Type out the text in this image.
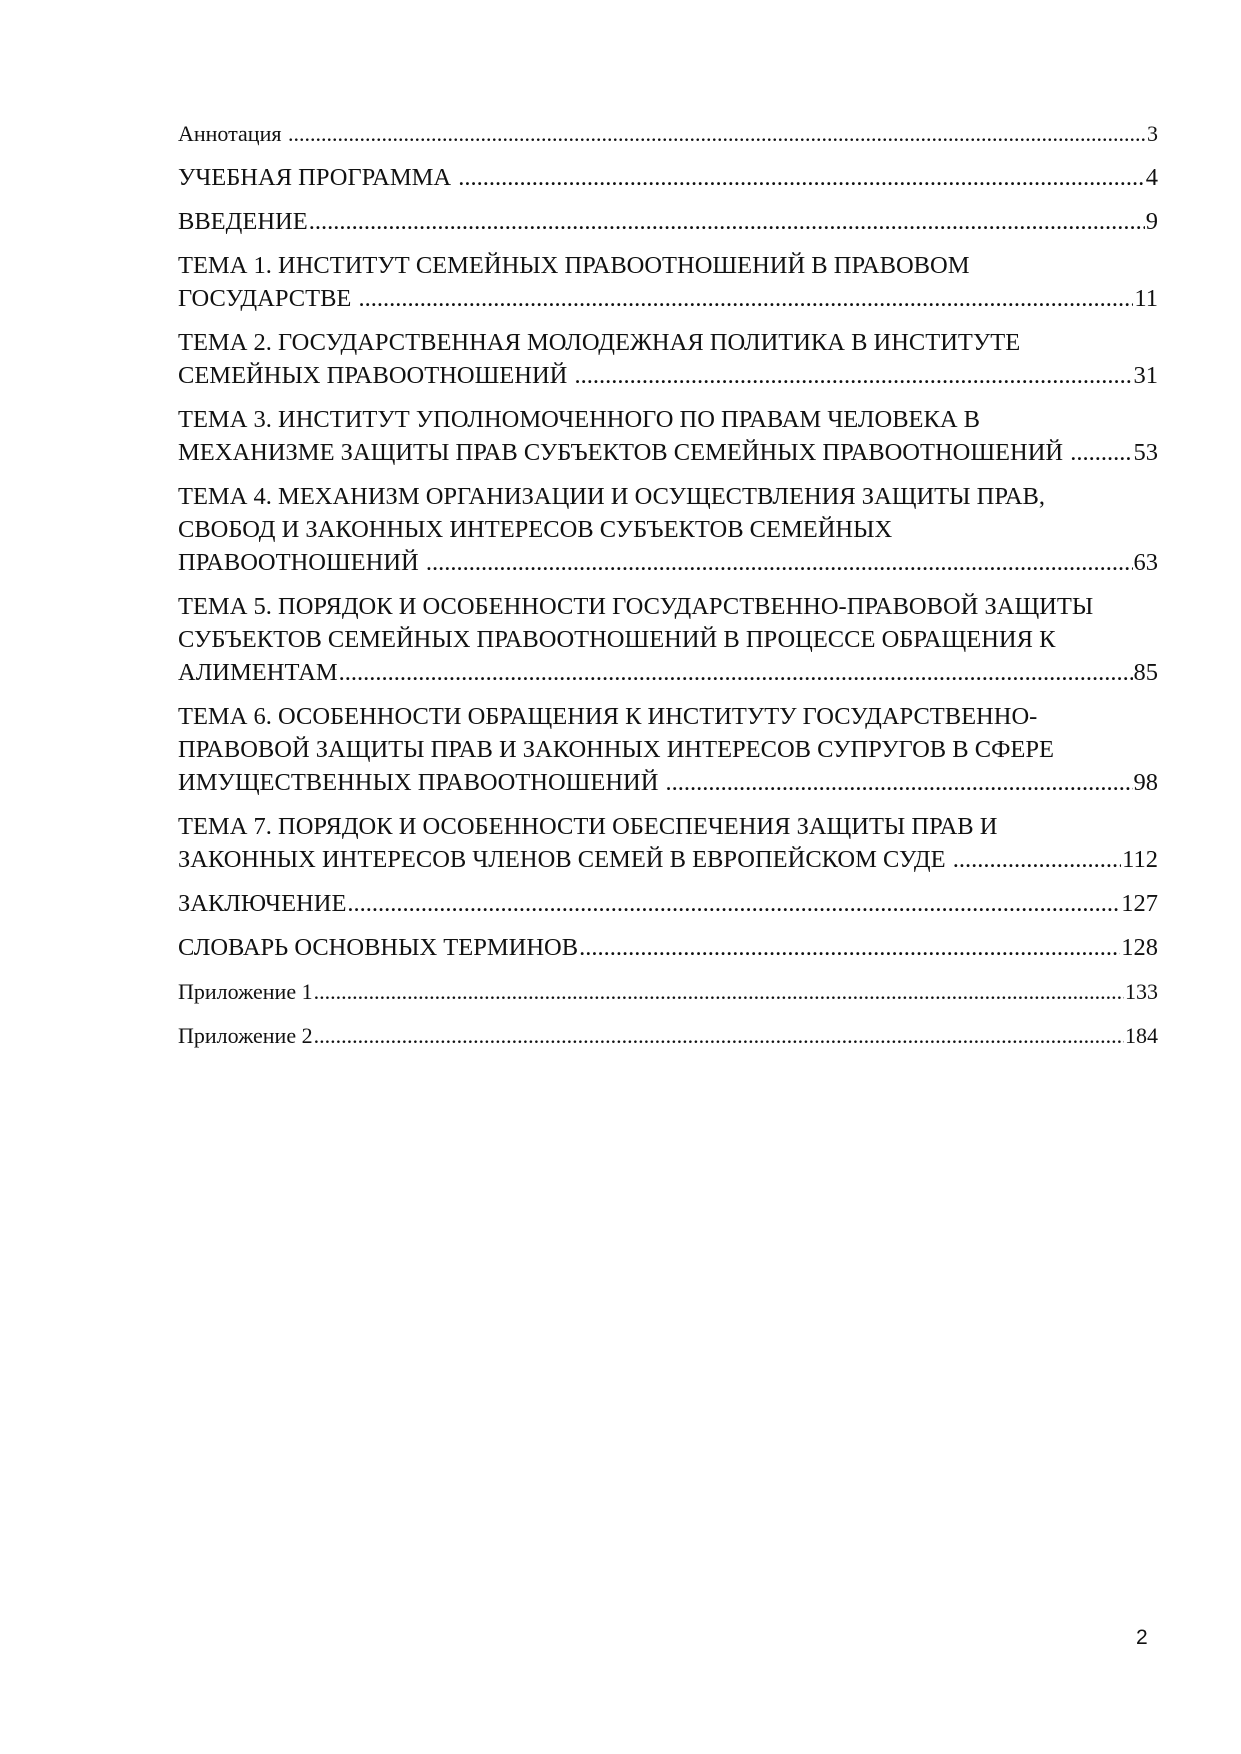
Аннотация .....	3
УЧЕБНАЯ ПРОГРАММА .....	4
ВВЕДЕНИЕ .....	9
ТЕМА 1. ИНСТИТУТ СЕМЕЙНЫХ ПРАВООТНОШЕНИЙ В ПРАВОВОМ
ГОСУДАРСТВЕ .....	11
ТЕМА 2. ГОСУДАРСТВЕННАЯ МОЛОДЕЖНАЯ ПОЛИТИКА В ИНСТИТУТЕ
СЕМЕЙНЫХ ПРАВООТНОШЕНИЙ .....	31
ТЕМА 3. ИНСТИТУТ УПОЛНОМОЧЕННОГО ПО ПРАВАМ ЧЕЛОВЕКА В
МЕХАНИЗМЕ ЗАЩИТЫ ПРАВ СУБЪЕКТОВ СЕМЕЙНЫХ ПРАВООТНОШЕНИЙ .....	53
ТЕМА 4. МЕХАНИЗМ ОРГАНИЗАЦИИ И ОСУЩЕСТВЛЕНИЯ ЗАЩИТЫ ПРАВ,
СВОБОД И ЗАКОННЫХ ИНТЕРЕСОВ СУБЪЕКТОВ СЕМЕЙНЫХ
ПРАВООТНОШЕНИЙ .....	63
ТЕМА 5. ПОРЯДОК И ОСОБЕННОСТИ ГОСУДАРСТВЕННО-ПРАВОВОЙ ЗАЩИТЫ
СУБЪЕКТОВ СЕМЕЙНЫХ ПРАВООТНОШЕНИЙ В ПРОЦЕССЕ ОБРАЩЕНИЯ К
АЛИМЕНТАМ .....	85
ТЕМА 6. ОСОБЕННОСТИ ОБРАЩЕНИЯ К ИНСТИТУТУ ГОСУДАРСТВЕННО-
ПРАВОВОЙ ЗАЩИТЫ ПРАВ И ЗАКОННЫХ ИНТЕРЕСОВ СУПРУГОВ В СФЕРЕ
ИМУЩЕСТВЕННЫХ ПРАВООТНОШЕНИЙ .....	98
ТЕМА 7. ПОРЯДОК И ОСОБЕННОСТИ ОБЕСПЕЧЕНИЯ ЗАЩИТЫ ПРАВ И
ЗАКОННЫХ ИНТЕРЕСОВ ЧЛЕНОВ СЕМЕЙ В ЕВРОПЕЙСКОМ СУДЕ .....	112
ЗАКЛЮЧЕНИЕ .....	127
СЛОВАРЬ ОСНОВНЫХ ТЕРМИНОВ .....	128
Приложение 1 .....	133
Приложение 2 .....	184
2
